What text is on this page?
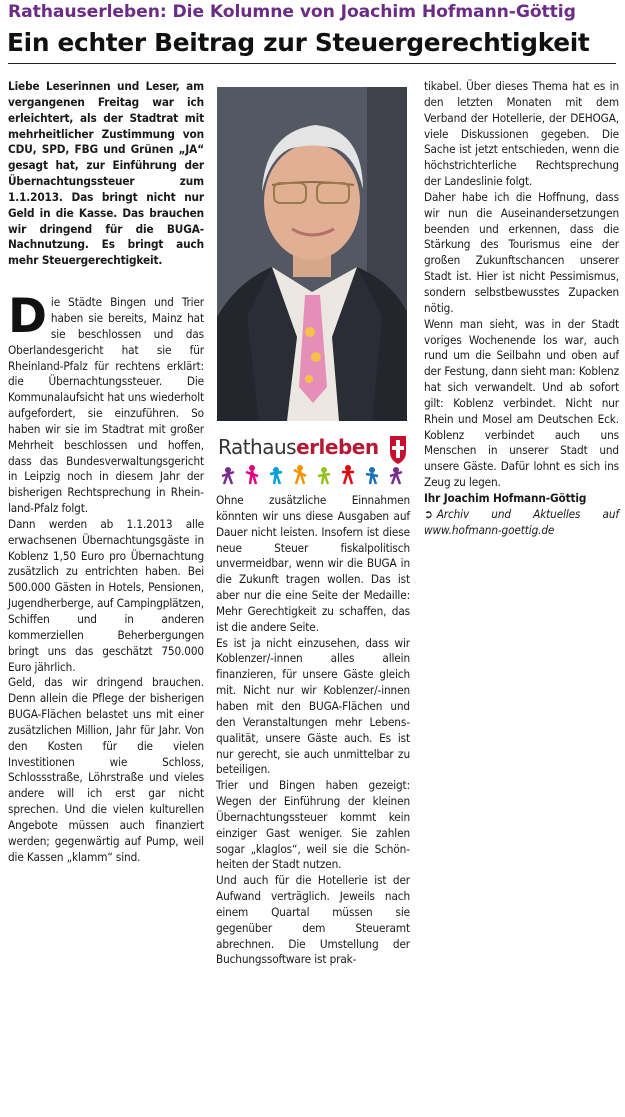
Rathauserleben: Die Kolumne von Joachim Hofmann-Göttig
Ein echter Beitrag zur Steuergerechtigkeit

Liebe Leserinnen und Leser, am vergangenen Freitag war ich erleichtert, als der Stadtrat mit mehrheitlicher Zustimmung von CDU, SPD, FBG und Grünen „JA“ gesagt hat, zur Einführung der Übernachtungssteuer zum 1.1.2013. Das bringt nicht nur Geld in die Kasse. Das brauchen wir dringend für die BUGA-Nachnutzung. Es bringt auch mehr Steuergerechtigkeit.

Die Städte Bingen und Trier haben sie bereits, Mainz hat sie beschlossen und das Oberlandesgericht hat sie für Rheinland-Pfalz für rechtens erklärt: die Übernachtungssteuer. Die Kommunalaufsicht hat uns wiederholt aufgefordert, sie einzuführen. So haben wir sie im Stadtrat mit großer Mehrheit beschlossen und hoffen, dass das Bundesverwaltungsgericht in Leipzig noch in diesem Jahr der bisherigen Rechtsprechung in Rheinland-Pfalz folgt.

Dann werden ab 1.1.2013 alle erwachsenen Übernachtungsgäste in Koblenz 1,50 Euro pro Übernachtung zusätzlich zu entrichten haben. Bei 500.000 Gästen in Hotels, Pensionen, Jugendherberge, auf Campingplätzen, Schiffen und in anderen kommerziellen Beherbergungen bringt uns das geschätzt 750.000 Euro jährlich.

Geld, das wir dringend brauchen. Denn allein die Pflege der bisherigen BUGA-Flächen belastet uns mit einer zusätzlichen Million, Jahr für Jahr. Von den Kosten für die vielen Investitionen wie Schloss, Schlossstraße, Löhrstraße und vieles andere will ich erst gar nicht sprechen. Und die vielen kulturellen Angebote müssen auch finanziert werden; gegenwärtig auf Pump, weil die Kassen „klamm“ sind.

Rathauserleben

Ohne zusätzliche Einnahmen könnten wir uns diese Ausgaben auf Dauer nicht leisten. Insofern ist diese neue Steuer fiskalpolitisch unvermeidbar, wenn wir die BUGA in die Zukunft tragen wollen. Das ist aber nur die eine Seite der Medaille: Mehr Gerechtigkeit zu schaffen, das ist die andere Seite.

Es ist ja nicht einzusehen, dass wir Koblenzer/-innen alles allein finanzieren, für unsere Gäste gleich mit. Nicht nur wir Koblenzer/-innen haben mit den BUGA-Flächen und den Veranstaltungen mehr Lebensqualität, unsere Gäste auch. Es ist nur gerecht, sie auch unmittelbar zu beteiligen.

Trier und Bingen haben gezeigt: Wegen der Einführung der kleinen Übernachtungssteuer kommt kein einziger Gast weniger. Sie zahlen sogar „klaglos“, weil sie die Schönheiten der Stadt nutzen.

Und auch für die Hotellerie ist der Aufwand verträglich. Jeweils nach einem Quartal müssen sie gegenüber dem Steueramt abrechnen. Die Umstellung der Buchungssoftware ist prak-

tikabel. Über dieses Thema hat es in den letzten Monaten mit dem Verband der Hotellerie, der DEHOGA, viele Diskussionen gegeben. Die Sache ist jetzt entschieden, wenn die höchstrichterliche Rechtsprechung der Landeslinie folgt.

Daher habe ich die Hoffnung, dass wir nun die Auseinandersetzungen beenden und erkennen, dass die Stärkung des Tourismus eine der großen Zukunftschancen unserer Stadt ist. Hier ist nicht Pessimismus, sondern selbstbewusstes Zupacken nötig.

Wenn man sieht, was in der Stadt voriges Wochenende los war, auch rund um die Seilbahn und oben auf der Festung, dann sieht man: Koblenz hat sich verwandelt. Und ab sofort gilt: Koblenz verbindet. Nicht nur Rhein und Mosel am Deutschen Eck. Koblenz verbindet auch uns Menschen in unserer Stadt und unsere Gäste. Dafür lohnt es sich ins Zeug zu legen.

Ihr Joachim Hofmann-Göttig

➲ Archiv und Aktuelles auf www.hofmann-goettig.de
